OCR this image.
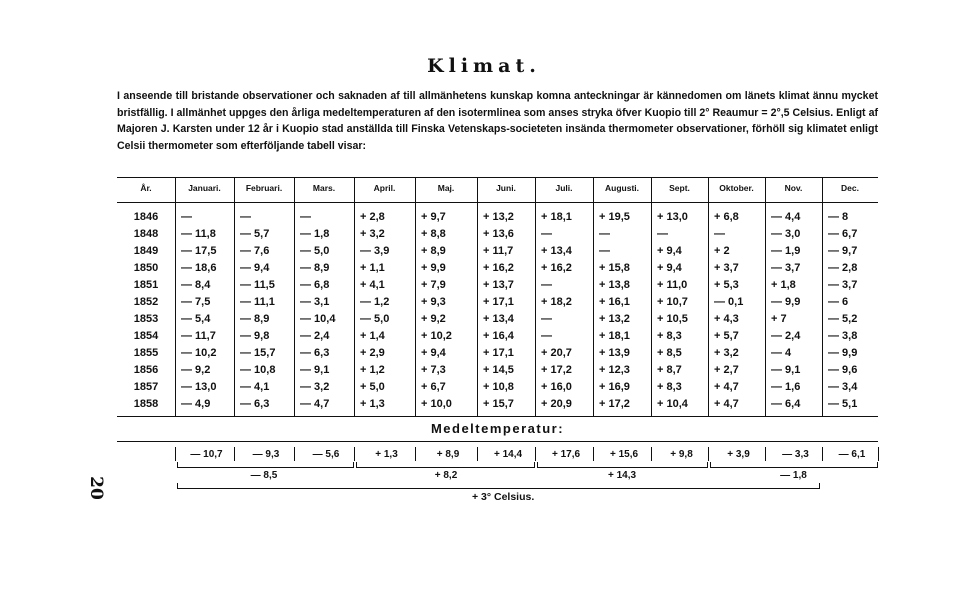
Klimat.

I anseende till bristande observationer och saknaden af till allmänhetens kunskap komna anteckningar är kännedomen om länets klimat ännu mycket bristfällig. I allmänhet uppges den årliga medeltemperaturen af den isotermlinea som anses stryka öfver Kuopio till 2° Reaumur = 2°,5 Celsius. Enligt af Majoren J. Karsten under 12 år i Kuopio stad anställda till Finska Vetenskaps-societeten insända thermometer observationer, förhöll sig klimatet enligt Celsii thermometer som efterföljande tabell visar:

20
År.	Januari.	Februari.	Mars.	April.	Maj.	Juni.	Juli.	Augusti.	Sept.	Oktober.	Nov.	Dec.
1846	—	—	—	+ 2,8	+ 9,7	+ 13,2	+ 18,1	+ 19,5	+ 13,0	+ 6,8	— 4,4	— 8
1848	— 11,8	— 5,7	— 1,8	+ 3,2	+ 8,8	+ 13,6	—	—	—	—	— 3,0	— 6,7
1849	— 17,5	— 7,6	— 5,0	— 3,9	+ 8,9	+ 11,7	+ 13,4	—	+ 9,4	+ 2	— 1,9	— 9,7
1850	— 18,6	— 9,4	— 8,9	+ 1,1	+ 9,9	+ 16,2	+ 16,2	+ 15,8	+ 9,4	+ 3,7	— 3,7	— 2,8
1851	— 8,4	— 11,5	— 6,8	+ 4,1	+ 7,9	+ 13,7	—	+ 13,8	+ 11,0	+ 5,3	+ 1,8	— 3,7
1852	— 7,5	— 11,1	— 3,1	— 1,2	+ 9,3	+ 17,1	+ 18,2	+ 16,1	+ 10,7	— 0,1	— 9,9	— 6
1853	— 5,4	— 8,9	— 10,4	— 5,0	+ 9,2	+ 13,4	—	+ 13,2	+ 10,5	+ 4,3	+ 7	— 5,2
1854	— 11,7	— 9,8	— 2,4	+ 1,4	+ 10,2	+ 16,4	—	+ 18,1	+ 8,3	+ 5,7	— 2,4	— 3,8
1855	— 10,2	— 15,7	— 6,3	+ 2,9	+ 9,4	+ 17,1	+ 20,7	+ 13,9	+ 8,5	+ 3,2	— 4	— 9,9
1856	— 9,2	— 10,8	— 9,1	+ 1,2	+ 7,3	+ 14,5	+ 17,2	+ 12,3	+ 8,7	+ 2,7	— 9,1	— 9,6
1857	— 13,0	— 4,1	— 3,2	+ 5,0	+ 6,7	+ 10,8	+ 16,0	+ 16,9	+ 8,3	+ 4,7	— 1,6	— 3,4
1858	— 4,9	— 6,3	— 4,7	+ 1,3	+ 10,0	+ 15,7	+ 20,9	+ 17,2	+ 10,4	+ 4,7	— 6,4	— 5,1
Medeltemperatur:
— 10,7	— 9,3	— 5,6	+ 1,3	+ 8,9	+ 14,4	+ 17,6	+ 15,6	+ 9,8	+ 3,9	— 3,3	— 6,1
— 8,5	+ 8,2	+ 14,3	— 1,8
+ 3° Celsius.
